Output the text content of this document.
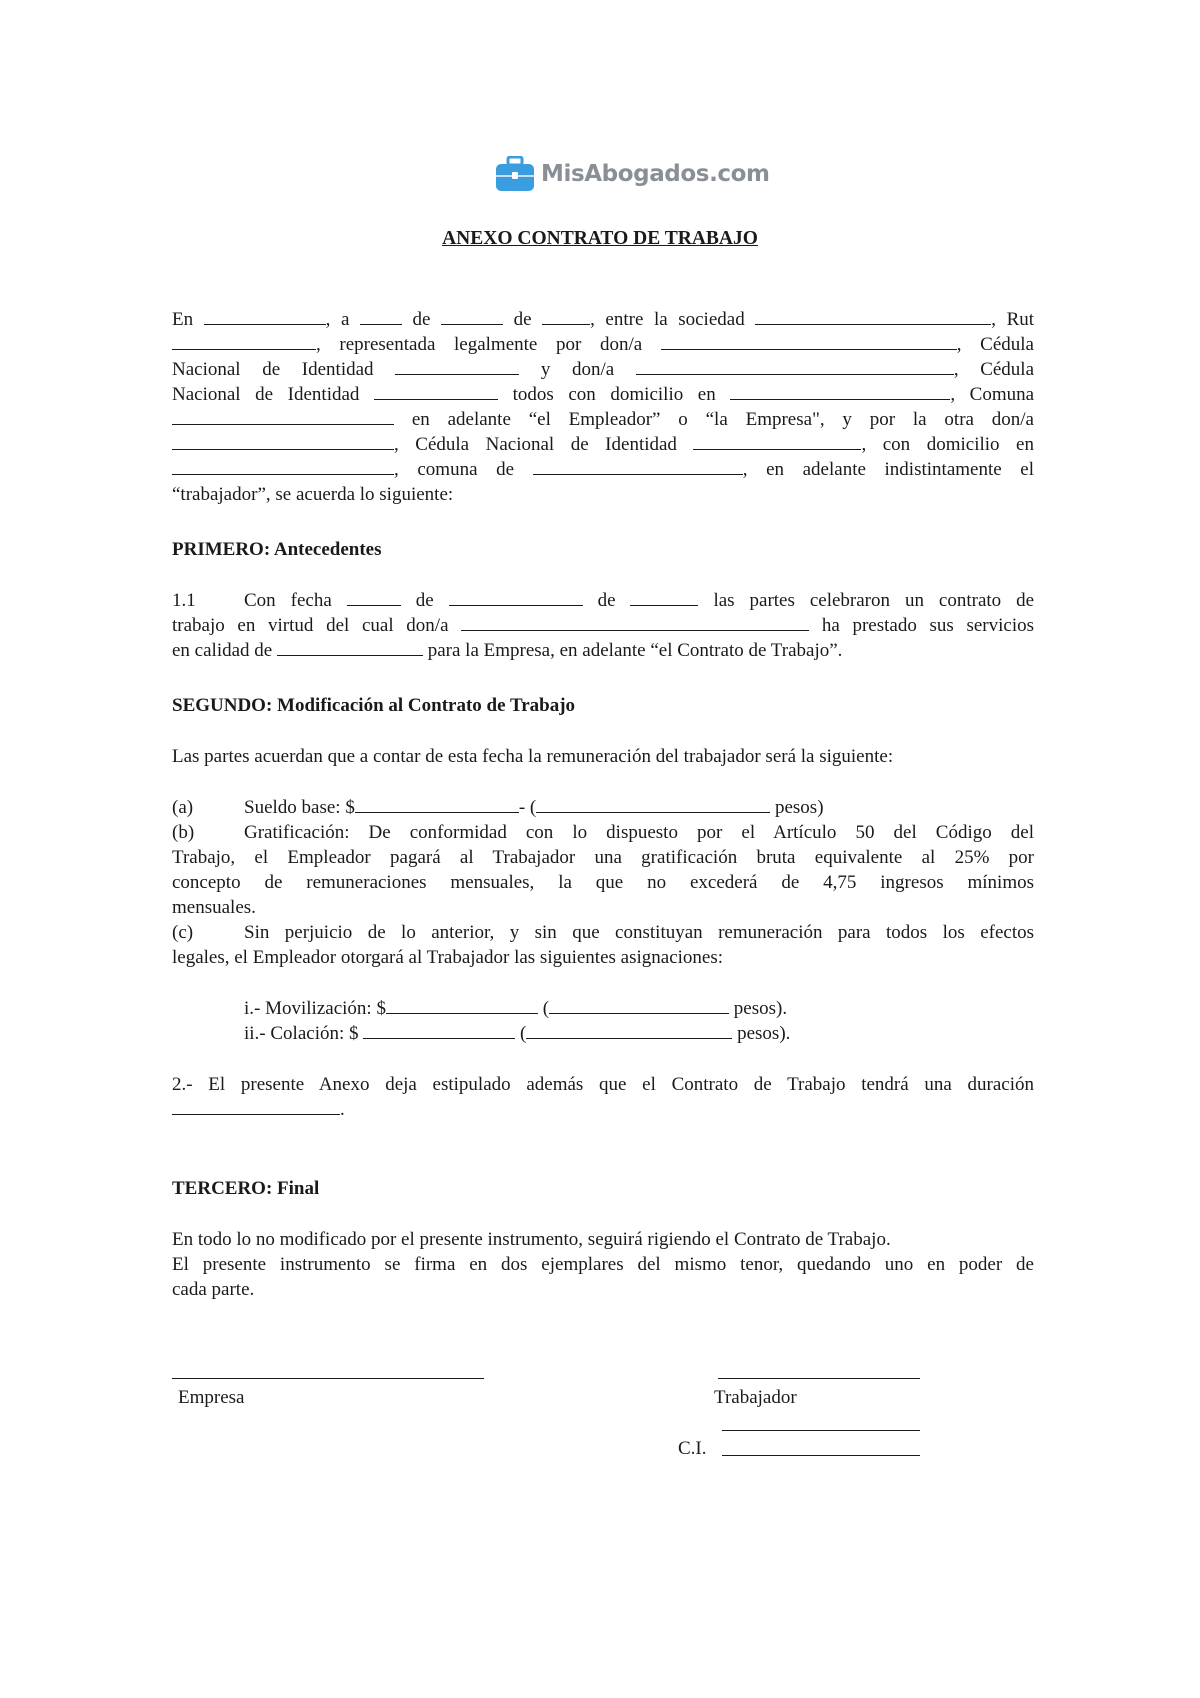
MisAbogados.com
ANEXO CONTRATO DE TRABAJO
En	, a	de	de	, entre la sociedad	, Rut
, representada legalmente por don/a	, Cédula
Nacional de Identidad	y don/a	, Cédula
Nacional de Identidad	todos con domicilio en	, Comuna
en adelante “el Empleador” o “la Empresa", y por la otra don/a
, Cédula Nacional de Identidad	, con domicilio en
, comuna de	, en adelante indistintamente el
“trabajador”, se acuerda lo siguiente:
PRIMERO: Antecedentes
1.1	Con fecha	de	de	las partes celebraron un contrato de
trabajo en virtud del cual don/a	ha prestado sus servicios
en calidad de	para la Empresa, en adelante “el Contrato de Trabajo”.
SEGUNDO: Modificación al Contrato de Trabajo
Las partes acuerdan que a contar de esta fecha la remuneración del trabajador será la siguiente:
(a)	Sueldo base: $	- (	pesos)
(b)	Gratificación: De conformidad con lo dispuesto por el Artículo 50 del Código del
Trabajo, el Empleador pagará al Trabajador una gratificación bruta equivalente al 25% por
concepto de remuneraciones mensuales, la que no excederá de 4,75 ingresos mínimos
mensuales.
(c)	Sin perjuicio de lo anterior, y sin que constituyan remuneración para todos los efectos
legales, el Empleador otorgará al Trabajador las siguientes asignaciones:
i.- Movilización: $	(	pesos).
ii.- Colación: $	(	pesos).
2.- El presente Anexo deja estipulado además que el Contrato de Trabajo tendrá una duración
.
TERCERO: Final
En todo lo no modificado por el presente instrumento, seguirá rigiendo el Contrato de Trabajo.
El presente instrumento se firma en dos ejemplares del mismo tenor, quedando uno en poder de
cada parte.
Empresa	Trabajador
C.I.
